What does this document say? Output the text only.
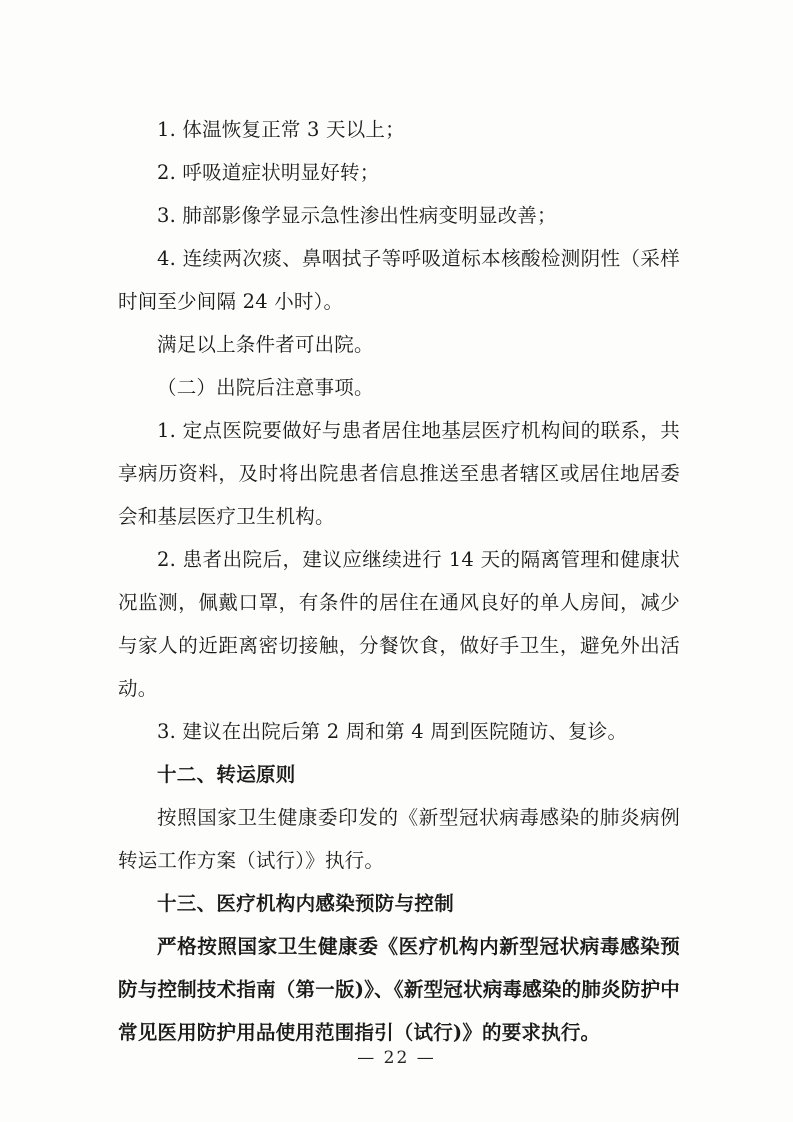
1. 体温恢复正常 3 天以上；

2. 呼吸道症状明显好转；

3. 肺部影像学显示急性渗出性病变明显改善；

4. 连续两次痰、鼻咽拭子等呼吸道标本核酸检测阴性（采样时间至少间隔 24 小时）。

满足以上条件者可出院。

（二）出院后注意事项。

1. 定点医院要做好与患者居住地基层医疗机构间的联系，共享病历资料，及时将出院患者信息推送至患者辖区或居住地居委会和基层医疗卫生机构。

2. 患者出院后，建议应继续进行 14 天的隔离管理和健康状况监测，佩戴口罩，有条件的居住在通风良好的单人房间，减少与家人的近距离密切接触，分餐饮食，做好手卫生，避免外出活动。

3. 建议在出院后第 2 周和第 4 周到医院随访、复诊。

十二、转运原则

按照国家卫生健康委印发的《新型冠状病毒感染的肺炎病例转运工作方案（试行）》执行。

十三、医疗机构内感染预防与控制

严格按照国家卫生健康委《医疗机构内新型冠状病毒感染预防与控制技术指南（第一版)》、《新型冠状病毒感染的肺炎防护中常见医用防护用品使用范围指引（试行)》的要求执行。

— 22 —
